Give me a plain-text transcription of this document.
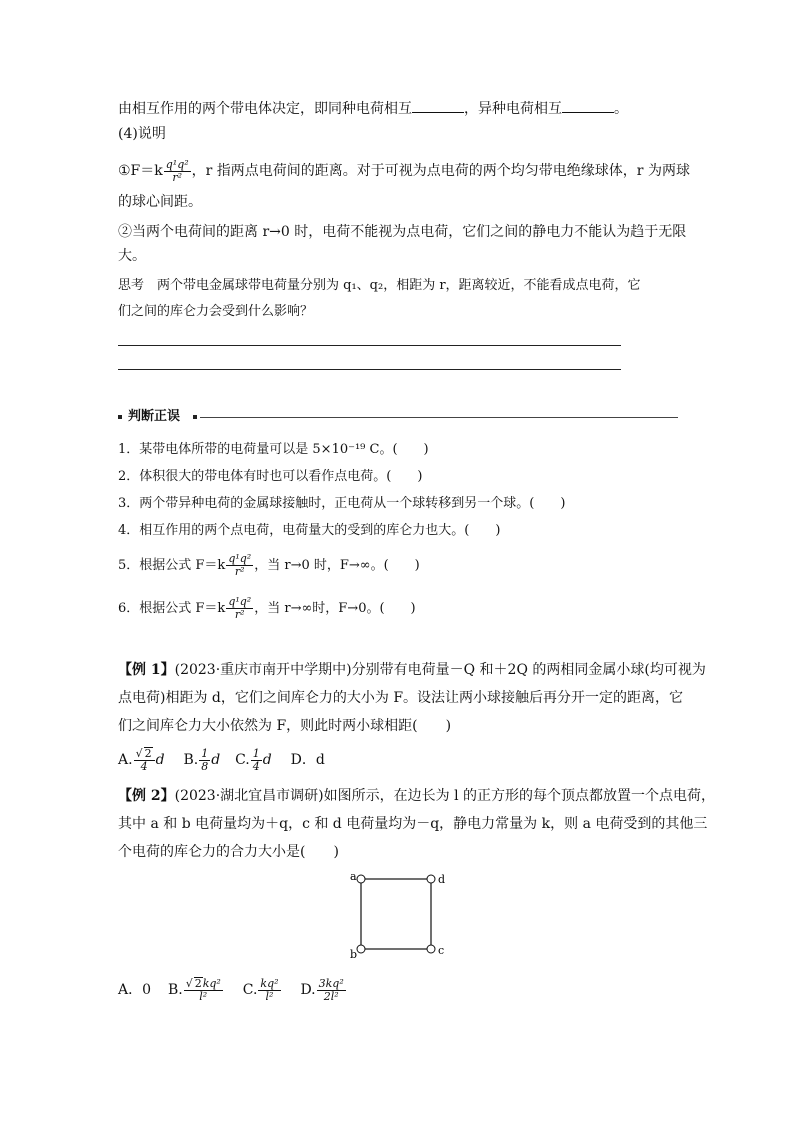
由相互作用的两个带电体决定，即同种电荷相互	，异种电荷相互	。
(4)说明
①F＝k $\frac{\text{q¹q²}}{\text{r²}}$ ，r 指两点电荷间的距离。对于可视为点电荷的两个均匀带电绝缘球体，r 为两球
的球心间距。
②当两个电荷间的距离 r→0 时，电荷不能视为点电荷，它们之间的静电力不能认为趋于无限
大。
思考　两个带电金属球带电荷量分别为 q₁、q₂，相距为 r，距离较近，不能看成点电荷，它
们之间的库仑力会受到什么影响？
判断正误
1．某带电体所带的电荷量可以是 5×10⁻¹⁹ C。(　　)
2．体积很大的带电体有时也可以看作点电荷。(　　)
3．两个带异种电荷的金属球接触时，正电荷从一个球转移到另一个球。(　　)
4．相互作用的两个点电荷，电荷量大的受到的库仑力也大。(　　)
5．根据公式 $F=k \frac{\text{q¹q²}}{\text{r²}}$ ，当 r→0 时，F→∞。(　　)
6．根据公式 $F=k \frac{\text{q¹q²}}{\text{r²}}$ ，当 r→∞时，F→0。(　　)
【例 1】(2023·重庆市南开中学期中)分别带有电荷量－Q 和＋2Q 的两相同金属小球(均可视为
点电荷)相距为 d，它们之间库仑力的大小为 F。设法让两小球接触后再分开一定的距离，它
们之间库仑力大小依然为 F，则此时两小球相距(　　)
A. $\frac{√ 2}{4}$ d B. $\frac{1}{8}$ d C. $\frac{1}{4}$ d D．d
【例 2】(2023·湖北宜昌市调研)如图所示，在边长为 l 的正方形的每个顶点都放置一个点电荷，
其中 a 和 b 电荷量均为＋q，c 和 d 电荷量均为－q，静电力常量为 k，则 a 电荷受到的其他三
个电荷的库仑力的合力大小是(　　)
a	d
b	c
A．0 B. $\frac{\text{√ 2kq²}}{\text{l²}} C$. $\frac{\text{kq²}}{\text{l²}} D$. $\frac{\text{3kq²}}{\text{2l²}}$
